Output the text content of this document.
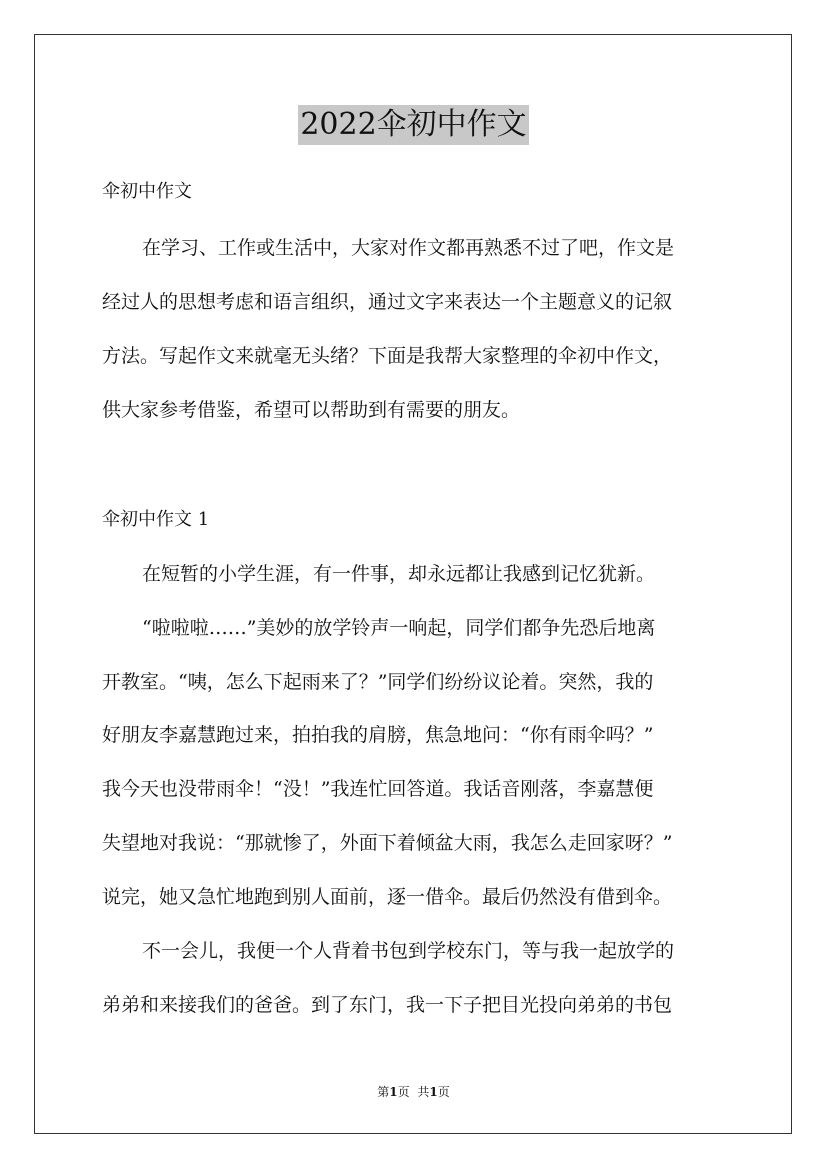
2022伞初中作文
伞初中作文
在学习、工作或生活中，大家对作文都再熟悉不过了吧，作文是
经过人的思想考虑和语言组织，通过文字来表达一个主题意义的记叙
方法。写起作文来就毫无头绪？下面是我帮大家整理的伞初中作文，
供大家参考借鉴，希望可以帮助到有需要的朋友。
伞初中作文 1
在短暂的小学生涯，有一件事，却永远都让我感到记忆犹新。
“啦啦啦……”美妙的放学铃声一响起，同学们都争先恐后地离
开教室。“咦，怎么下起雨来了？”同学们纷纷议论着。突然，我的
好朋友李嘉慧跑过来，拍拍我的肩膀，焦急地问：“你有雨伞吗？”
我今天也没带雨伞！“没！”我连忙回答道。我话音刚落，李嘉慧便
失望地对我说：“那就惨了，外面下着倾盆大雨，我怎么走回家呀？”
说完，她又急忙地跑到别人面前，逐一借伞。最后仍然没有借到伞。
不一会儿，我便一个人背着书包到学校东门，等与我一起放学的
弟弟和来接我们的爸爸。到了东门，我一下子把目光投向弟弟的书包
第1页 共1页
